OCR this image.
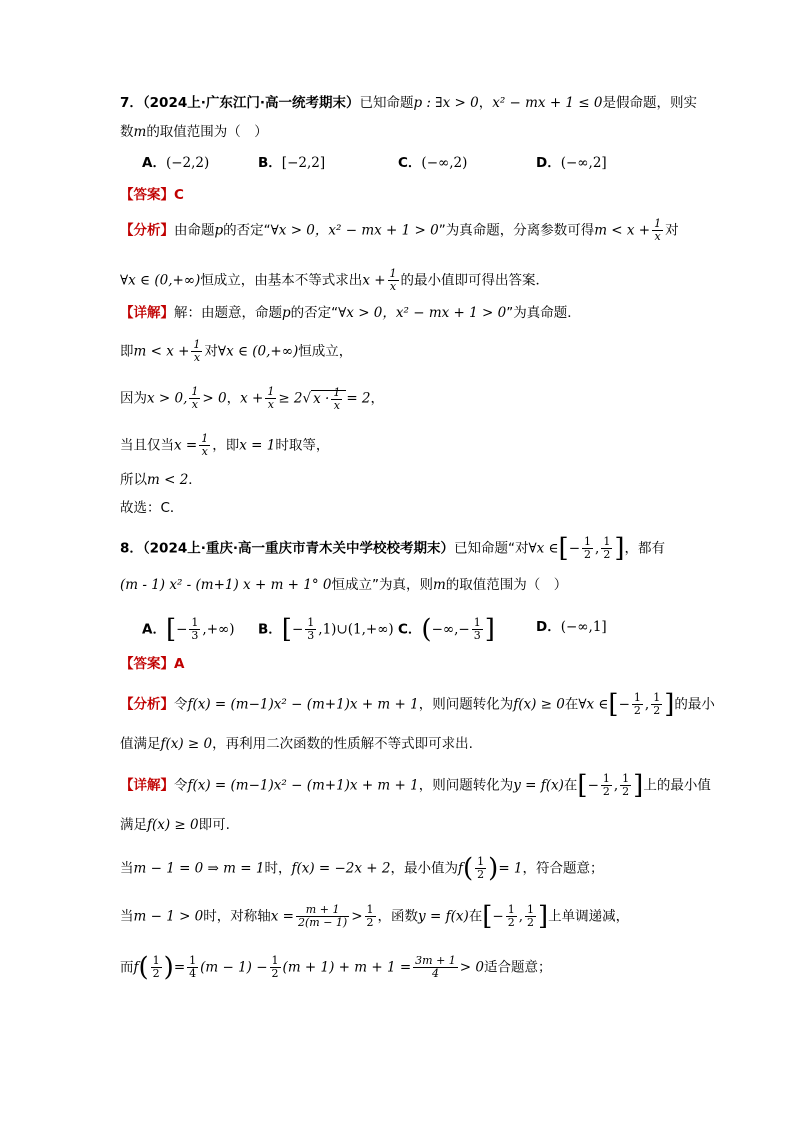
7．（2024上·广东江门·高一统考期末）已知命题p : ∃x > 0，x² − mx + 1 ≤ 0是假命题，则实
数m的取值范围为（　）
A．(−2,2)	B．[−2,2]	C．(−∞,2)	D．(−∞,2]
【答案】C
【分析】由命题p的否定“∀x > 0，x² − mx + 1 > 0”为真命题，分离参数可得$m < x + \frac{1}{x}$ 对
∀x ∈ (0,+∞)恒成立，由基本不等式求出$x + \frac{1}{x}$ 的最小值即可得出答案．
【详解】解：由题意，命题p的否定“∀x > 0，x² − mx + 1 > 0”为真命题．
即$m < x + \frac{1}{x}$ 对∀x ∈ (0,+∞)恒成立，
因为x > 0, $\frac{1}{x} > 0$，$x + \frac{1}{x} \ge 2√$ $x \cdot \frac{1}{x} = 2$，
当且仅当$x = \frac{1}{x}$ ，即x = 1时取等，
所以m < 2．
故选：C．
8．（2024上·重庆·高一重庆市青木关中学校校考期末）已知命题“对∀x ∈[− $\frac{1}{2}$ , $\frac{1}{2}$ ]，都有
(m - 1) x² - (m+1) x + m + 1° 0恒成立”为真，则m的取值范围为（　）
A．[− $\frac{1}{3}$ ,+∞) B．[− $\frac{1}{3}$ ,1)∪(1,+∞) C．(−∞,− $\frac{1}{3}$ ]	D．(−∞,1]
【答案】A
【分析】令f(x) = (m−1)x² − (m+1)x + m + 1，则问题转化为f(x) ≥ 0在∀x ∈[− $\frac{1}{2}$ , $\frac{1}{2}$ ]的最小
值满足f(x) ≥ 0，再利用二次函数的性质解不等式即可求出.
【详解】令f(x) = (m−1)x² − (m+1)x + m + 1，则问题转化为y = f(x)在[− $\frac{1}{2}$ , $\frac{1}{2}$ ]上的最小值
满足f(x) ≥ 0即可.
当m − 1 = 0 ⇒ m = 1时，f(x) = −2x + 2，最小值为$f( \frac{1}{2}$ )= 1，符合题意；
当m − 1 > 0时，对称轴$x = \frac{m + 1}{2(m - 1)} > \frac{1}{2}$ ，函数y = f(x)在[− $\frac{1}{2}$ , $\frac{1}{2}$ ]上单调递减，
而$f( \frac{1}{2}$ )= $\frac{1}{4} (m - 1) - \frac{1}{2} (m + 1) + m + 1 = \frac{3m + 1}{4} > 0$适合题意；
